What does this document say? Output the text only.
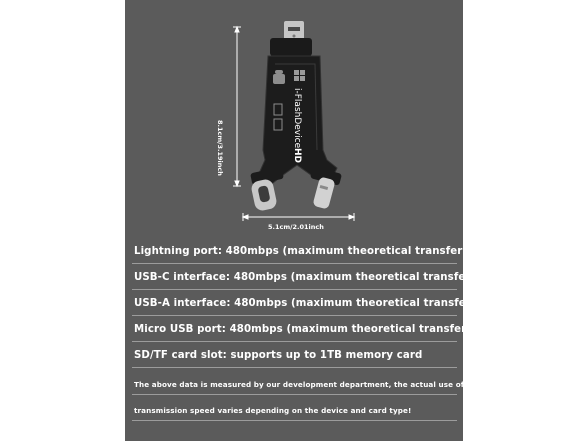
i-FlashDevice
HD
8.1cm/3.19inch
5.1cm/2.01inch
Lightning port: 480mbps (maximum theoretical transfer speed)
USB-C interface: 480mbps (maximum theoretical transfer speed)
USB-A interface: 480mbps (maximum theoretical transfer speed)
Micro USB port: 480mbps (maximum theoretical transfer speed)
SD/TF card slot: supports up to 1TB memory card
The above data is measured by our development department, the actual use of current and
transmission speed varies depending on the device and card type!
